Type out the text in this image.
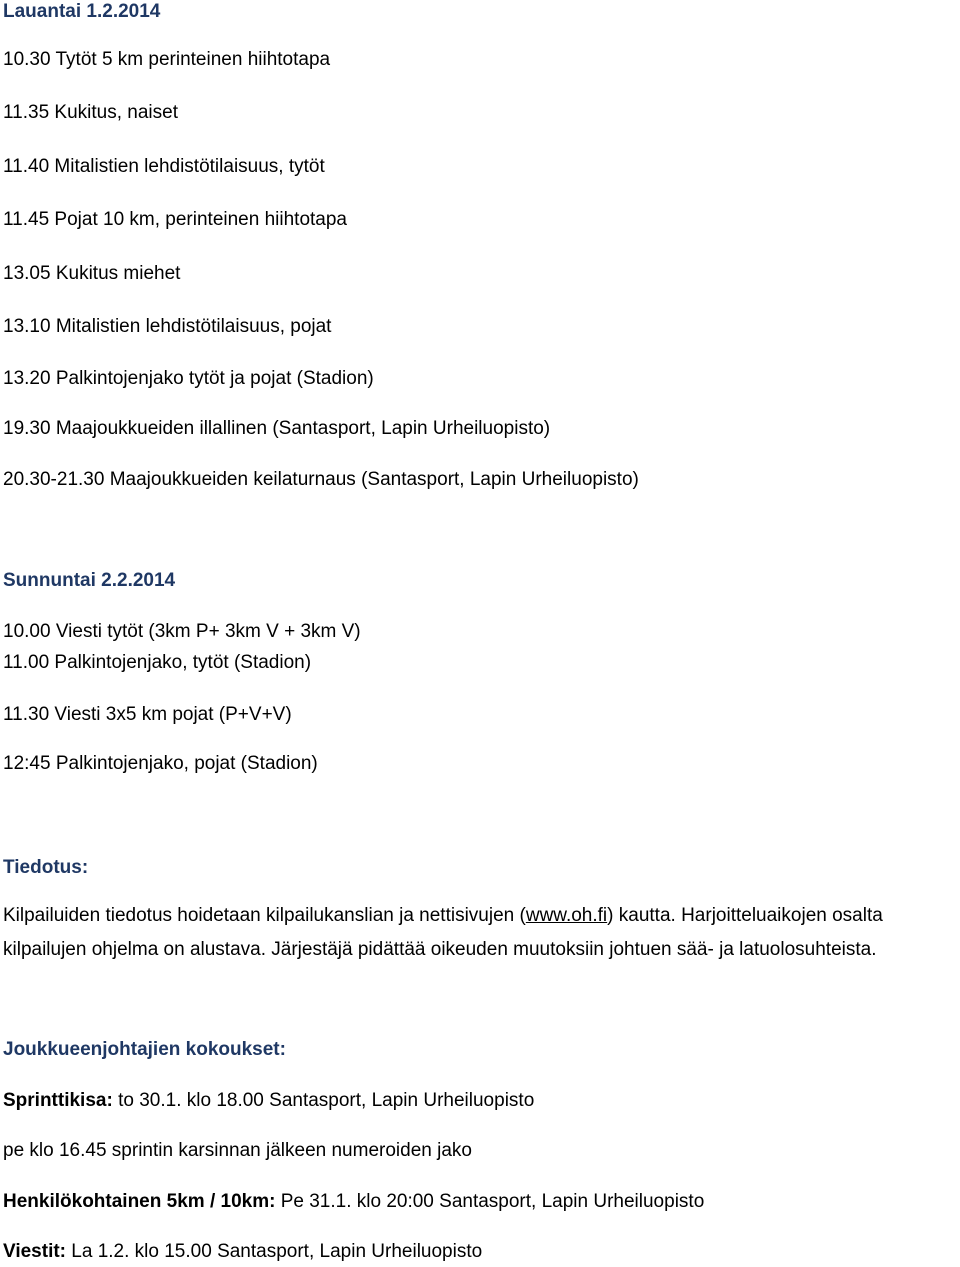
Lauantai 1.2.2014
10.30 Tytöt 5 km perinteinen hiihtotapa
11.35 Kukitus, naiset
11.40 Mitalistien lehdistötilaisuus, tytöt
11.45 Pojat 10 km, perinteinen hiihtotapa
13.05 Kukitus miehet
13.10 Mitalistien lehdistötilaisuus, pojat
13.20 Palkintojenjako tytöt ja pojat (Stadion)
19.30 Maajoukkueiden illallinen (Santasport, Lapin Urheiluopisto)
20.30-21.30 Maajoukkueiden keilaturnaus (Santasport, Lapin Urheiluopisto)
Sunnuntai 2.2.2014
10.00 Viesti tytöt (3km P+ 3km V + 3km V)
11.00 Palkintojenjako, tytöt (Stadion)
11.30 Viesti 3x5 km pojat (P+V+V)
12:45 Palkintojenjako, pojat (Stadion)
Tiedotus:
Kilpailuiden tiedotus hoidetaan kilpailukanslian ja nettisivujen (www.oh.fi) kautta. Harjoitteluaikojen osalta kilpailujen ohjelma on alustava. Järjestäjä pidättää oikeuden muutoksiin johtuen sää- ja latuolosuhteista.
Joukkueenjohtajien kokoukset:
Sprinttikisa: to 30.1. klo 18.00 Santasport, Lapin Urheiluopisto
pe klo 16.45 sprintin karsinnan jälkeen numeroiden jako
Henkilökohtainen 5km / 10km: Pe 31.1. klo 20:00 Santasport, Lapin Urheiluopisto
Viestit: La 1.2. klo 15.00 Santasport, Lapin Urheiluopisto
